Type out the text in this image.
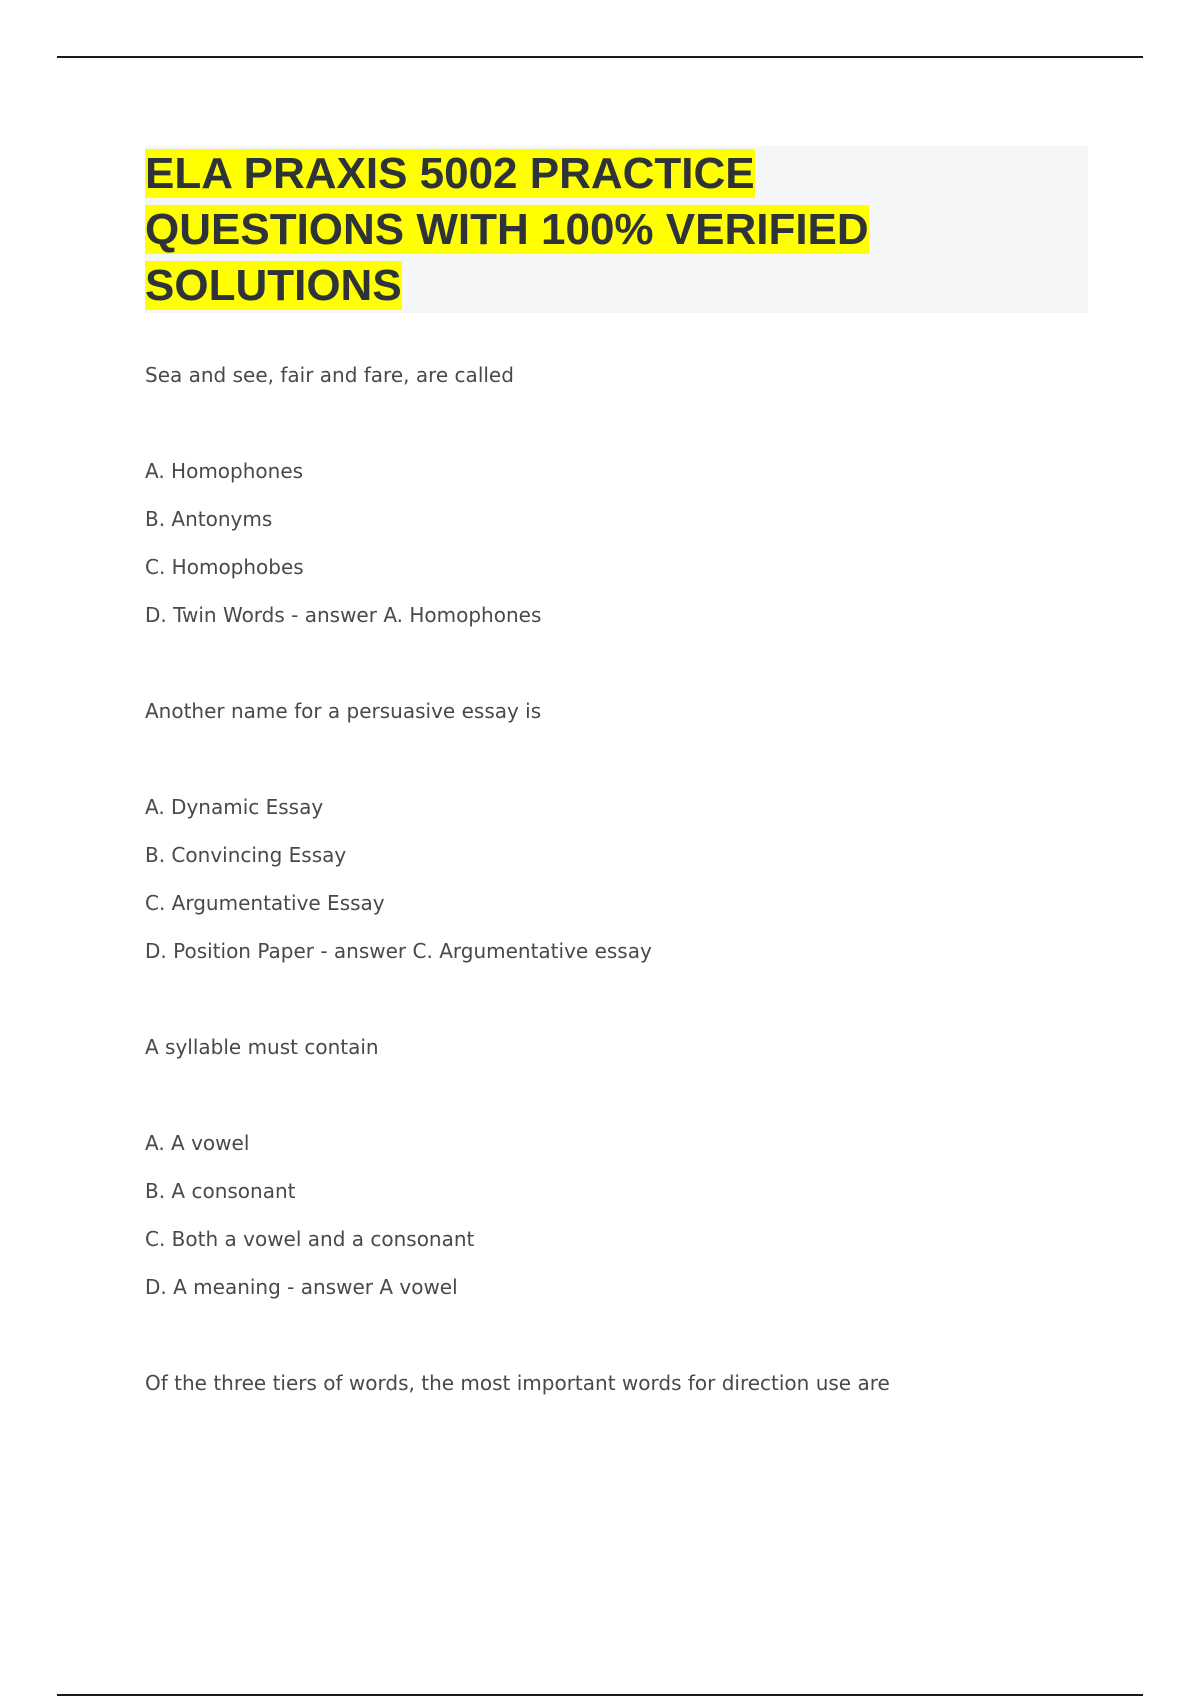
ELA PRAXIS 5002 PRACTICE
QUESTIONS WITH 100% VERIFIED
SOLUTIONS
Sea and see, fair and fare, are called
A. Homophones
B. Antonyms
C. Homophobes
D. Twin Words - answer A. Homophones
Another name for a persuasive essay is
A. Dynamic Essay
B. Convincing Essay
C. Argumentative Essay
D. Position Paper - answer C. Argumentative essay
A syllable must contain
A. A vowel
B. A consonant
C. Both a vowel and a consonant
D. A meaning - answer A vowel
Of the three tiers of words, the most important words for direction use are
